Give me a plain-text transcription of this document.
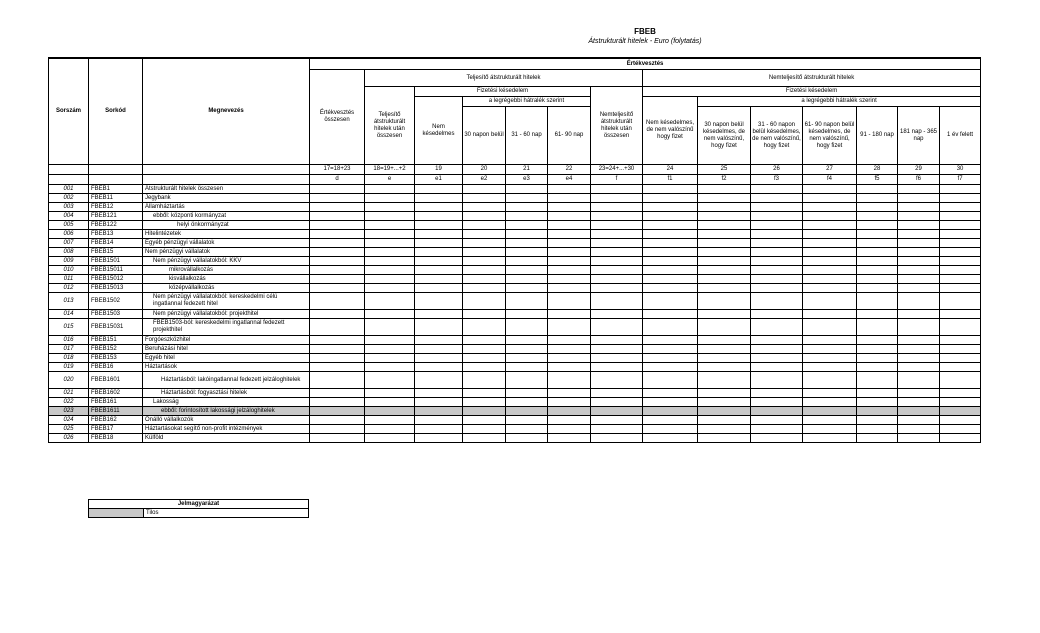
FBEB
Átstrukturált hitelek - Euro (folytatás)
Sorszám	Sorkód	Megnevezés	Értékvesztés													
			Értékvesztés összesen	Teljesítő átstrukturált hitelek						Nemteljesítő átstrukturált hitelek						
				Teljesítő átstrukturált hitelek után összesen	Fizetési késedelem				Nemteljesítő átstrukturált hitelek után összesen	Fizetési késedelem						
					Nem késedelmes	a legrégebbi hátralék szerint				Nem késedelmes, de nem valószínű hogy fizet	a legrégebbi hátralék szerint					
						30 napon belül	31 - 60 nap	61- 90 nap			30 napon belül késedelmes, de nem valószínű, hogy fizet	31 - 60 napon belül késedelmes, de nem valószínű, hogy fizet	61- 90 napon belül késedelmes, de nem valószínű, hogy fizet	91 - 180 nap	181 nap - 365 nap	1 év felett
			17=18+23	18=19+...+2	19	20	21	22	23=24+...+30	24	25	26	27	28	29	30
			d	e	e1	e2	e3	e4	f	f1	f2	f3	f4	f5	f6	f7
001	FBEB1	Átstrukturált hitelek összesen														
002	FBEB11	Jegybank														
003	FBEB12	Államháztartás														
004	FBEB121	ebből: központi kormányzat														
005	FBEB122	helyi önkormányzat														
006	FBEB13	Hitelintézetek														
007	FBEB14	Egyéb pénzügyi vállalatok														
008	FBEB15	Nem pénzügyi vállalatok														
009	FBEB1501	Nem pénzügyi vállalatokból: KKV														
010	FBEB15011	mikrovállalkozás														
011	FBEB15012	kisvállalkozás														
012	FBEB15013	középvállalkozás														
013	FBEB1502	Nem pénzügyi vállalatokból: kereskedelmi célú ingatlannal fedezett hitel														
014	FBEB1503	Nem pénzügyi vállalatokból: projekthitel														
015	FBEB15031	FBEB1503-ból: kereskedelmi ingatlannal fedezett projekthitel														
016	FBEB151	Forgóeszközhitel														
017	FBEB152	Beruházási hitel														
018	FBEB153	Egyéb hitel														
019	FBEB16	Háztartások														
020	FBEB1601	Háztartásból: lakóingatlannal fedezett jelzáloghitelek														
021	FBEB1602	Háztartásból: fogyasztási hitelek														
022	FBEB161	Lakosság														
023	FBEB1611	ebből: forintosított lakossági jelzáloghitelek														
024	FBEB162	Önálló vállalkozók														
025	FBEB17	Háztartásokat segítő non-profit intézmények														
026	FBEB18	Külföld														
Jelmagyarázat
	Tilos
